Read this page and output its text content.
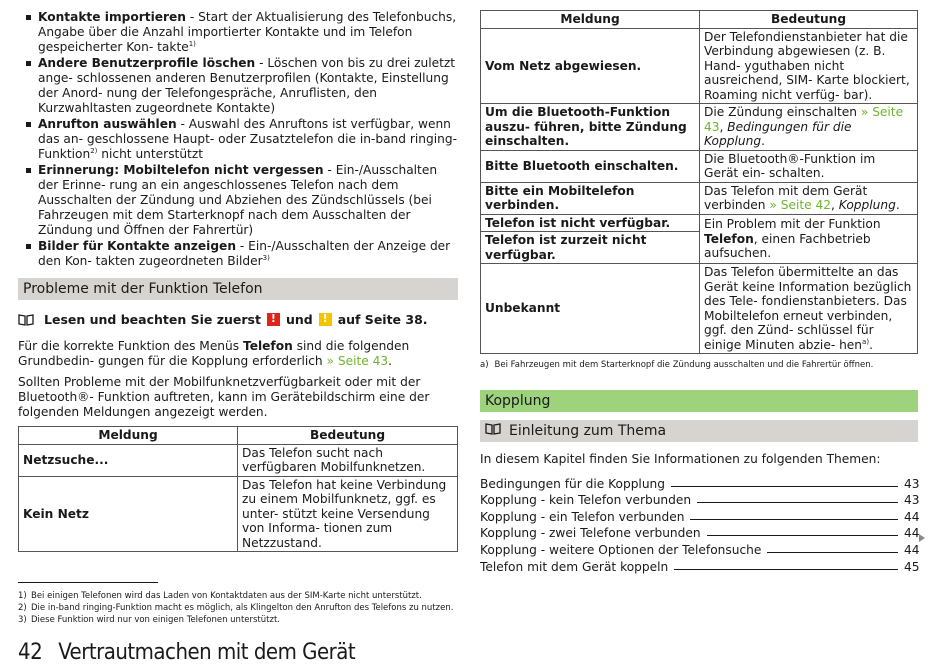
Kontakte importieren - Start der Aktualisierung des Telefonbuchs, Angabe über die Anzahl importierter Kontakte und im Telefon gespeicherter Kon- takte$^{1)}$
Andere Benutzerprofile löschen - Löschen von bis zu drei zuletzt ange- schlossenen anderen Benutzerprofilen (Kontakte, Einstellung der Anord- nung der Telefongespräche, Anruflisten, den Kurzwahltasten zugeordnete Kontakte)
Anrufton auswählen - Auswahl des Anruftons ist verfügbar, wenn das an- geschlossene Haupt- oder Zusatztelefon die in-band ringing-Funktion$^{2)}$ nicht unterstützt
Erinnerung: Mobiltelefon nicht vergessen - Ein-/Ausschalten der Erinne- rung an ein angeschlossenes Telefon nach dem Ausschalten der Zündung und Abziehen des Zündschlüssels (bei Fahrzeugen mit dem Starterknopf nach dem Ausschalten der Zündung und Öffnen der Fahrertür)
Bilder für Kontakte anzeigen - Ein-/Ausschalten der Anzeige der den Kon- takten zugeordneten Bilder$^{3)}$
Probleme mit der Funktion Telefon
Lesen und beachten Sie zuerst ! und ! auf Seite 38.

Für die korrekte Funktion des Menüs Telefon sind die folgenden Grundbedin- gungen für die Kopplung erforderlich » Seite 43.

Sollten Probleme mit der Mobilfunknetzverfügbarkeit oder mit der Bluetooth®- Funktion auftreten, kann im Gerätebildschirm eine der folgenden Meldungen angezeigt werden.

Meldung	Bedeutung
Netzsuche...	Das Telefon sucht nach verfügbaren Mobilfunknetzen.
Kein Netz	Das Telefon hat keine Verbindung zu einem Mobilfunknetz, ggf. es unter- stützt keine Versendung von Informa- tionen zum Netzzustand.
Meldung	Bedeutung
Vom Netz abgewiesen.	Der Telefondienstanbieter hat die Verbindung abgewiesen (z. B. Hand- yguthaben nicht ausreichend, SIM- Karte blockiert, Roaming nicht verfüg- bar).
Um die Bluetooth-Funktion auszu- führen, bitte Zündung einschalten.	Die Zündung einschalten » Seite 43, Bedingungen für die Kopplung.
Bitte Bluetooth einschalten.	Die Bluetooth®-Funktion im Gerät ein- schalten.
Bitte ein Mobiltelefon verbinden.	Das Telefon mit dem Gerät verbinden » Seite 42, Kopplung.
Telefon ist nicht verfügbar.	Ein Problem mit der Funktion Telefon, einen Fachbetrieb aufsuchen.
Telefon ist zurzeit nicht verfügbar.	
Unbekannt	Das Telefon übermittelte an das Gerät keine Information bezüglich des Tele- fondienstanbieters. Das Mobiltelefon erneut verbinden, ggf. den Zünd- schlüssel für einige Minuten abzie- hen$^{a)}$.
a) Bei Fahrzeugen mit dem Starterknopf die Zündung ausschalten und die Fahrertür öffnen.
Kopplung
Einleitung zum Thema
In diesem Kapitel finden Sie Informationen zu folgenden Themen:
Bedingungen für die Kopplung	43
Kopplung - kein Telefon verbunden	43
Kopplung - ein Telefon verbunden	44
Kopplung - zwei Telefone verbunden	44
Kopplung - weitere Optionen der Telefonsuche	44
Telefon mit dem Gerät koppeln	45
1) Bei einigen Telefonen wird das Laden von Kontaktdaten aus der SIM-Karte nicht unterstützt.
2) Die in-band ringing-Funktion macht es möglich, als Klingelton den Anrufton des Telefons zu nutzen.
3) Diese Funktion wird nur von einigen Telefonen unterstützt.
42 Vertrautmachen mit dem Gerät
